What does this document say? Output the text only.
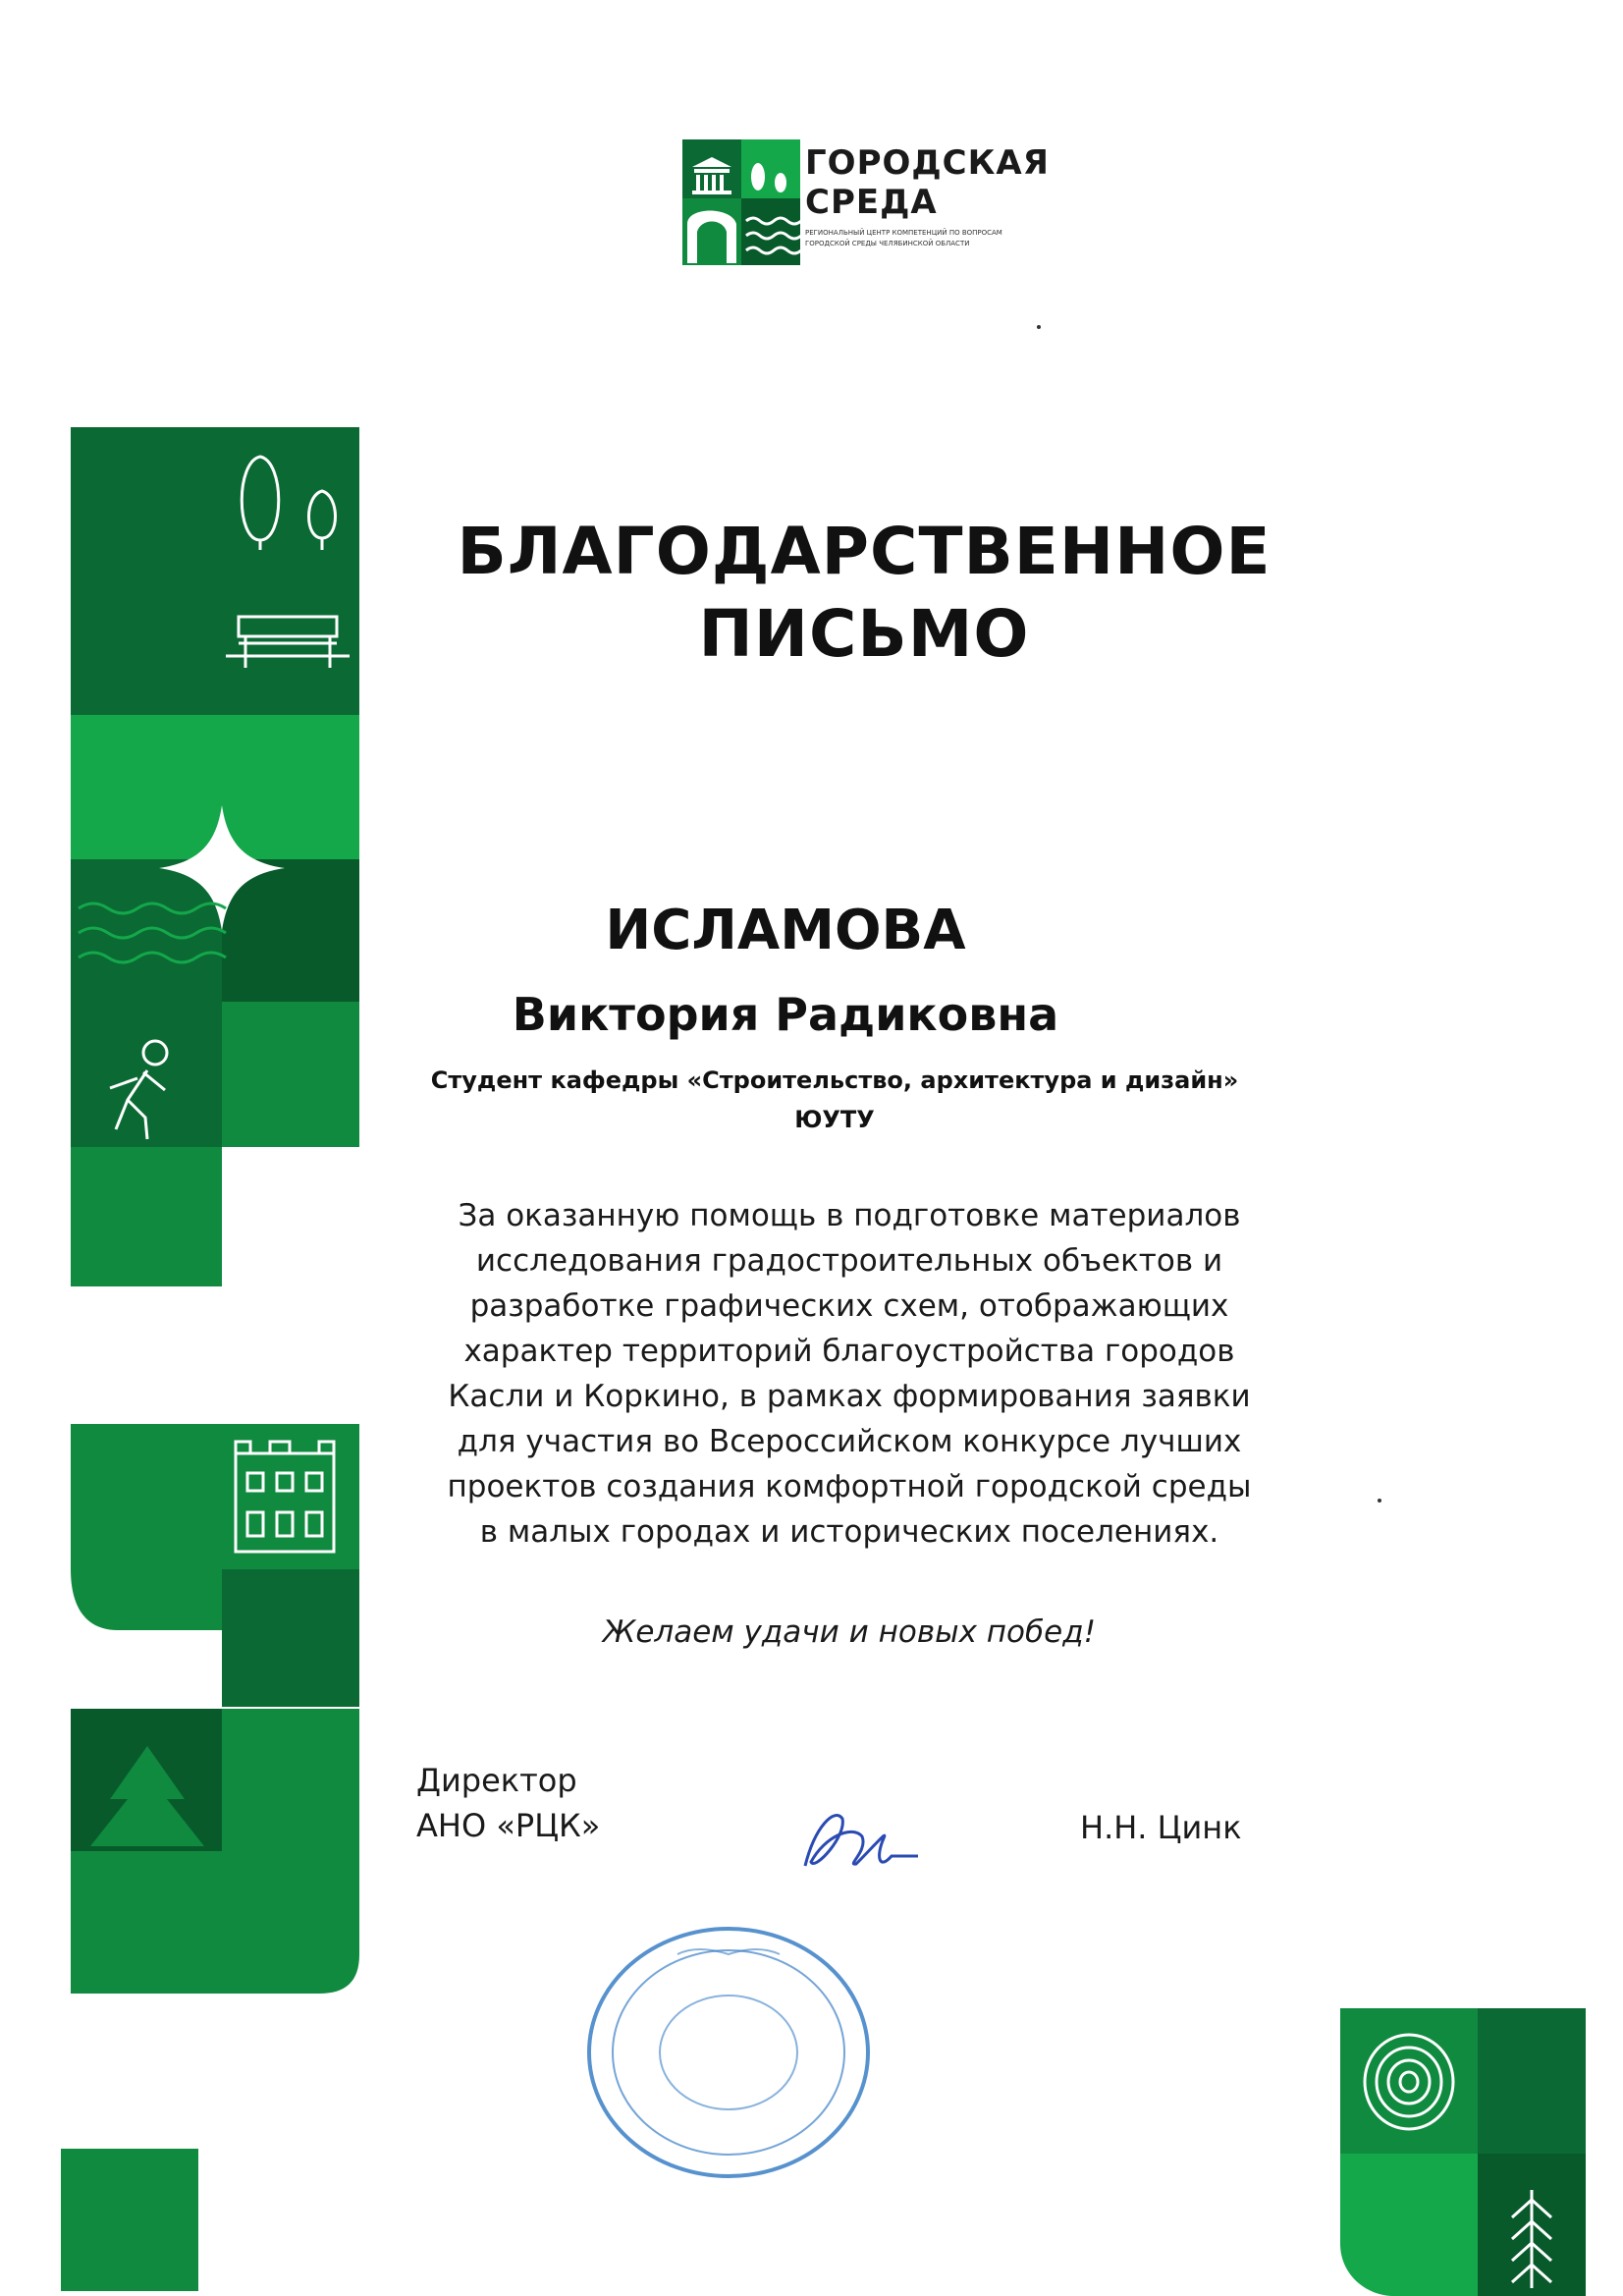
ГОРОДСКАЯ
СРЕДА
РЕГИОНАЛЬНЫЙ ЦЕНТР КОМПЕТЕНЦИЙ ПО ВОПРОСАМ
ГОРОДСКОЙ СРЕДЫ ЧЕЛЯБИНСКОЙ ОБЛАСТИ
БЛАГОДАРСТВЕННОЕ
ПИСЬМО
ИСЛАМОВА
Виктория Радиковна
Студент кафедры «Строительство, архитектура и дизайн»
ЮУТУ
За оказанную помощь в подготовке материалов
исследования градостроительных объектов и
разработке графических схем, отображающих
характер территорий благоустройства городов
Касли и Коркино, в рамках формирования заявки
для участия во Всероссийском конкурсе лучших
проектов создания комфортной городской среды
в малых городах и исторических поселениях.
Желаем удачи и новых побед!
Директор
АНО «РЦК»	Н.Н. Цинк
